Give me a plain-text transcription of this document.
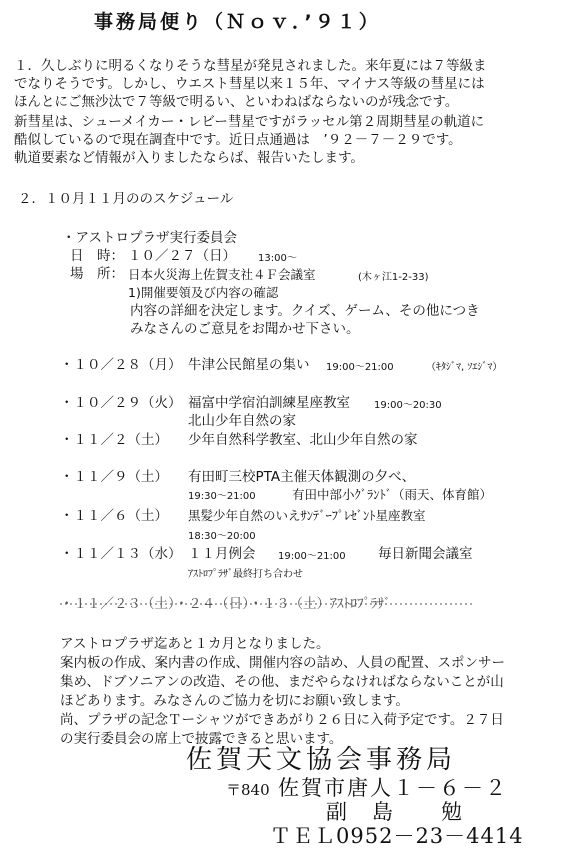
事務局便り（Ｎｏｖ．’９１）
１．久しぶりに明るくなりそうな彗星が発見されました。来年夏には７等級ま
でなりそうです。しかし、ウエスト彗星以来１５年、マイナス等級の彗星には
ほんとにご無沙汰で７等級で明るい、といわねばならないのが残念です。
新彗星は、シューメイカー・レビー彗星ですがラッセル第２周期彗星の軌道に
酷似しているので現在調査中です。近日点通過は　’９２－７－２９です。
軌道要素など情報が入りましたならば、報告いたします。
２．１０月１１月ののスケジュール
・アストロプラザ実行委員会
日　時： １０／２７（日） 13:00～
場　所： 日本火災海上佐賀支社４Ｆ会議室	(木ヶ江1-2-33)
1)開催要領及び内容の確認
内容の詳細を決定します。クイズ、ゲーム、その他につき
みなさんのご意見をお聞かせ下さい。
・１０／２８（月） 牛津公民館星の集い 19:00～21:00	（ｷﾀｼﾞﾏ, ｿｴｼﾞﾏ）
・１０／２９（火） 福富中学宿泊訓練星座教室 19:00～20:30
北山少年自然の家
・１１／２（土） 少年自然科学教室、北山少年自然の家
・１１／９（土） 有田町三校PTA主催天体観測の夕べ、
19:30～21:00	有田中部小ｸﾞﾗﾝﾄﾞ（雨天、体育館）
・１１／６（土） 黒髪少年自然のいえｻﾝﾃﾞｰﾌﾟﾚｾﾞﾝﾄ星座教室
18:30～20:00
・１１／１３（水） １１月例会 19:00～21:00 毎日新聞会議室
ｱｽﾄﾛﾌﾟﾗｻﾞ最終打ち合わせ
・１１／２３（土）・２４（日）・１３（土）ｱｽﾄﾛﾌﾟﾗｻﾞ
アストロプラザ迄あと１カ月となりました。
案内板の作成、案内書の作成、開催内容の詰め、人員の配置、スポンサー
集め、ドブソニアンの改造、その他、まだやらなければならないことが山
ほどあります。みなさんのご協力を切にお願い致します。
尚、プラザの記念Ｔーシャツができあがり２６日に入荷予定です。２７日
の実行委員会の席上で披露できると思います。
佐賀天文協会事務局
〒840 佐賀市唐人１－６－２
副　島　　勉
ＴＥＬ0952－23－4414
